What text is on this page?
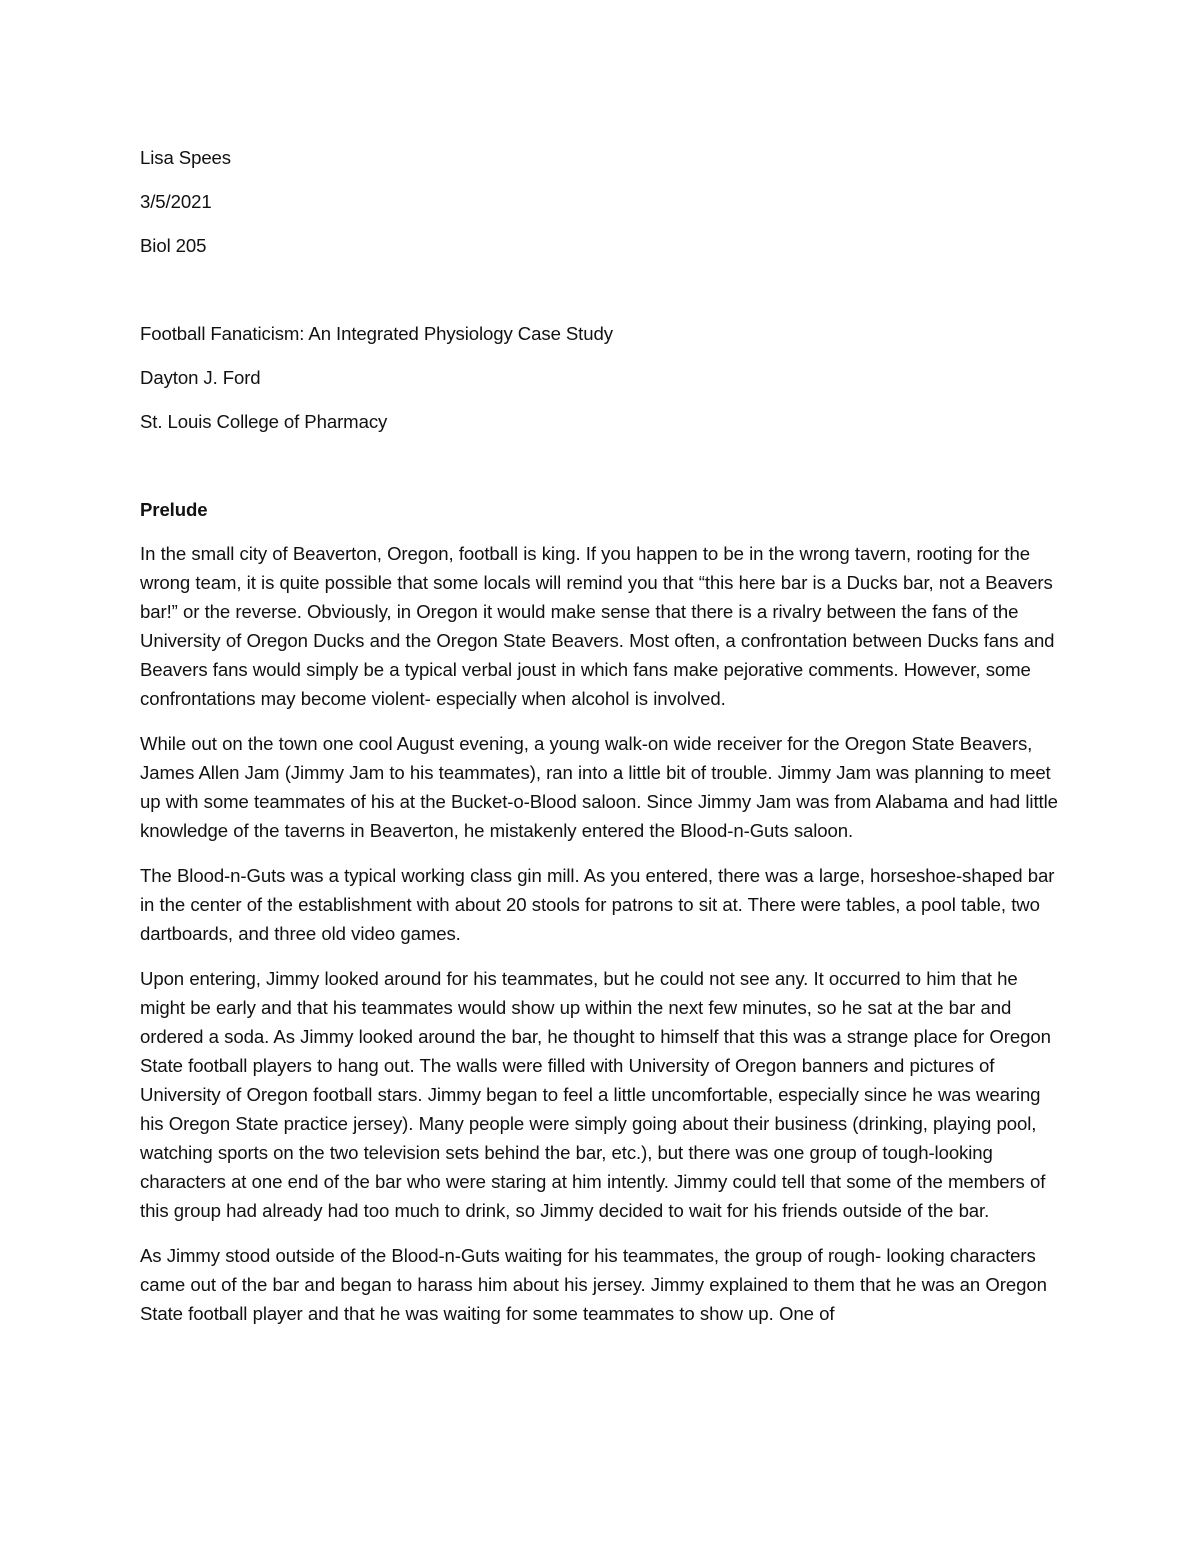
Lisa Spees

3/5/2021

Biol 205

Football Fanaticism: An Integrated Physiology Case Study

Dayton J. Ford

St. Louis College of Pharmacy

Prelude

In the small city of Beaverton, Oregon, football is king. If you happen to be in the wrong tavern, rooting for the wrong team, it is quite possible that some locals will remind you that “this here bar is a Ducks bar, not a Beavers bar!” or the reverse. Obviously, in Oregon it would make sense that there is a rivalry between the fans of the University of Oregon Ducks and the Oregon State Beavers. Most often, a confrontation between Ducks fans and Beavers fans would simply be a typical verbal joust in which fans make pejorative comments. However, some confrontations may become violent- especially when alcohol is involved.

While out on the town one cool August evening, a young walk-on wide receiver for the Oregon State Beavers, James Allen Jam (Jimmy Jam to his teammates), ran into a little bit of trouble. Jimmy Jam was planning to meet up with some teammates of his at the Bucket-o-Blood saloon. Since Jimmy Jam was from Alabama and had little knowledge of the taverns in Beaverton, he mistakenly entered the Blood-n-Guts saloon.

The Blood-n-Guts was a typical working class gin mill. As you entered, there was a large, horseshoe-shaped bar in the center of the establishment with about 20 stools for patrons to sit at. There were tables, a pool table, two dartboards, and three old video games.

Upon entering, Jimmy looked around for his teammates, but he could not see any. It occurred to him that he might be early and that his teammates would show up within the next few minutes, so he sat at the bar and ordered a soda. As Jimmy looked around the bar, he thought to himself that this was a strange place for Oregon State football players to hang out. The walls were filled with University of Oregon banners and pictures of University of Oregon football stars. Jimmy began to feel a little uncomfortable, especially since he was wearing his Oregon State practice jersey). Many people were simply going about their business (drinking, playing pool, watching sports on the two television sets behind the bar, etc.), but there was one group of tough-looking characters at one end of the bar who were staring at him intently. Jimmy could tell that some of the members of this group had already had too much to drink, so Jimmy decided to wait for his friends outside of the bar.

As Jimmy stood outside of the Blood-n-Guts waiting for his teammates, the group of rough- looking characters came out of the bar and began to harass him about his jersey. Jimmy explained to them that he was an Oregon State football player and that he was waiting for some teammates to show up. One of
